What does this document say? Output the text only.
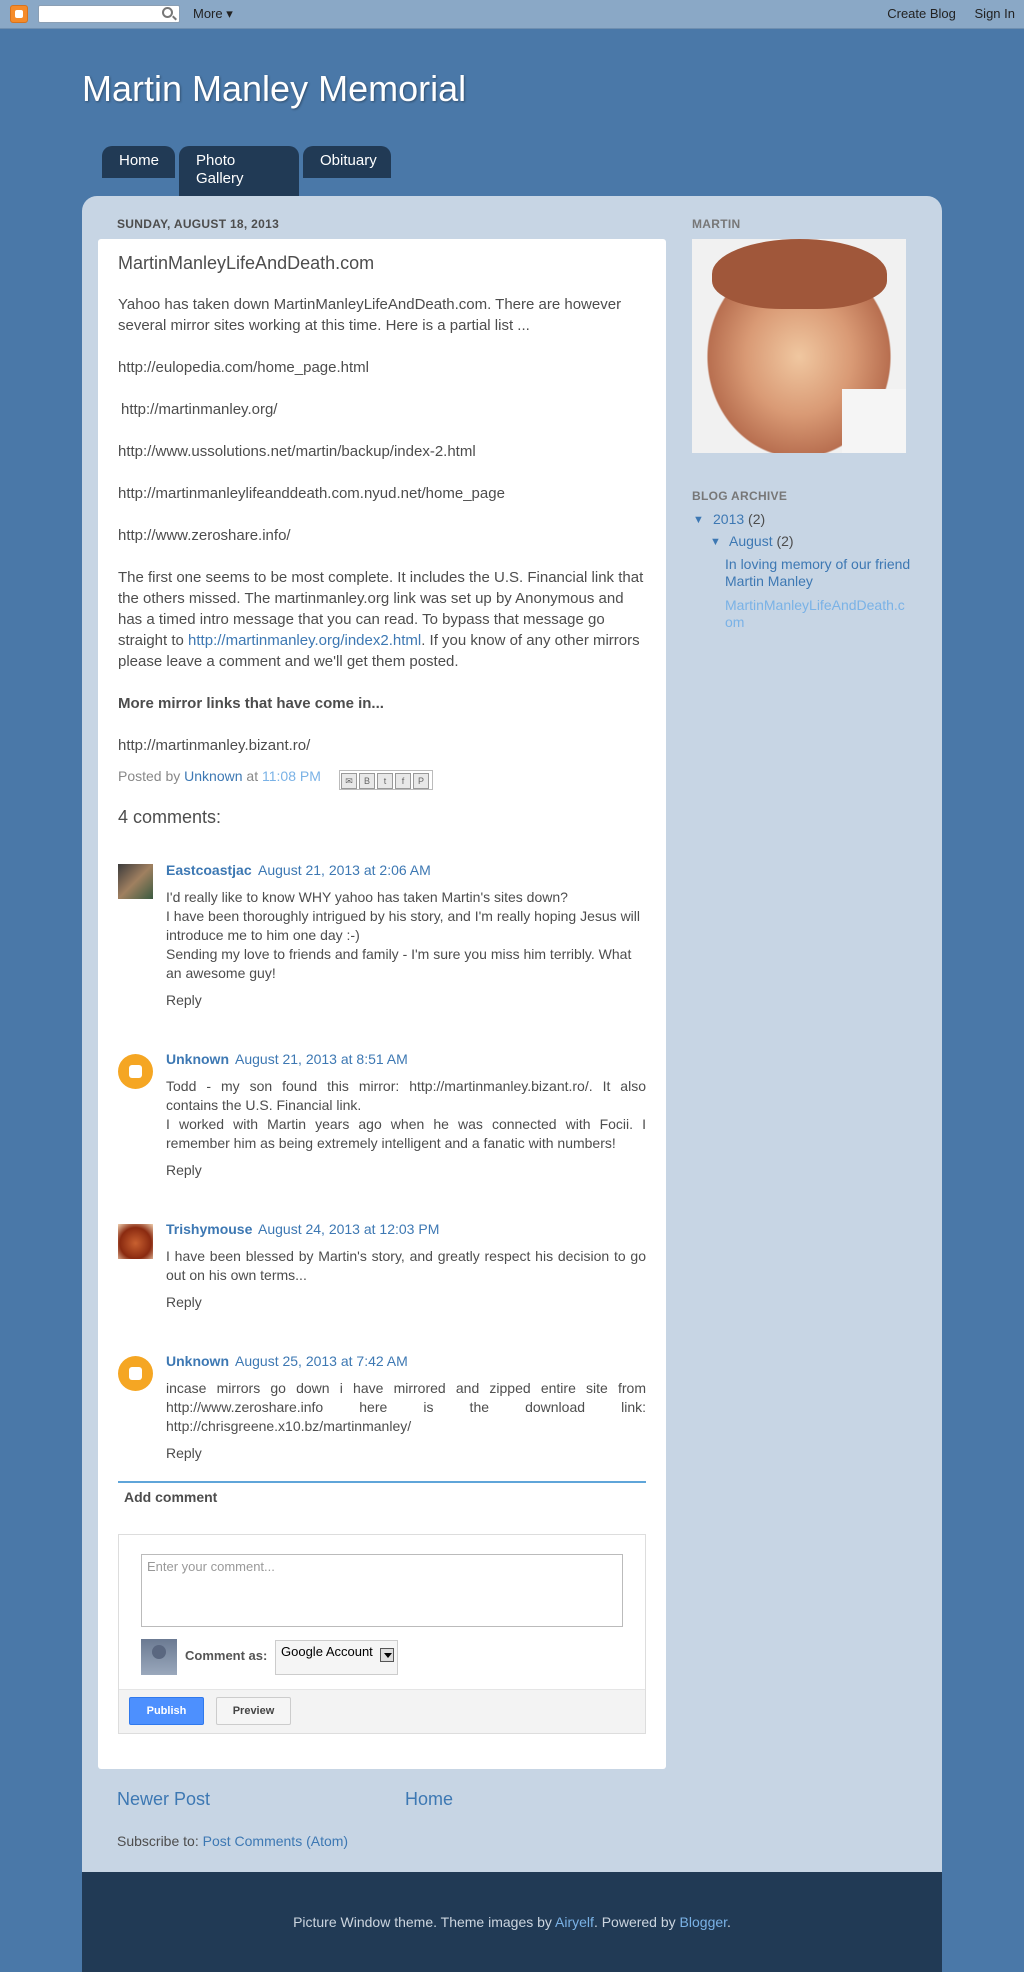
More ▾	Create Blog Sign In
Martin Manley Memorial
Home	Photo Gallery
Obituary
SUNDAY, AUGUST 18, 2013
MartinManleyLifeAndDeath.com
Yahoo has taken down MartinManleyLifeAndDeath.com. There are however several mirror sites working at this time. Here is a partial list ...
http://eulopedia.com/home_page.html
http://martinmanley.org/
http://www.ussolutions.net/martin/backup/index-2.html
http://martinmanleylifeanddeath.com.nyud.net/home_page
http://www.zeroshare.info/
The first one seems to be most complete. It includes the U.S. Financial link that the others missed. The martinmanley.org link was set up by Anonymous and has a timed intro message that you can read. To bypass that message go straight to http://martinmanley.org/index2.html. If you know of any other mirrors please leave a comment and we'll get them posted.
More mirror links that have come in...
http://martinmanley.bizant.ro/
Posted by Unknown at 11:08 PM	✉ B t f P
4 comments:
Eastcoastjac August 21, 2013 at 2:06 AM
I'd really like to know WHY yahoo has taken Martin's sites down?
I have been thoroughly intrigued by his story, and I'm really hoping Jesus will introduce me to him one day :-)
Sending my love to friends and family - I'm sure you miss him terribly. What an awesome guy!
Reply
Unknown August 21, 2013 at 8:51 AM
Todd - my son found this mirror: http://martinmanley.bizant.ro/. It also contains the U.S. Financial link.
I worked with Martin years ago when he was connected with Focii. I remember him as being extremely intelligent and a fanatic with numbers!
Reply
Trishymouse August 24, 2013 at 12:03 PM
I have been blessed by Martin's story, and greatly respect his decision to go out on his own terms...
Reply
Unknown August 25, 2013 at 7:42 AM
incase mirrors go down i have mirrored and zipped entire site from http://www.zeroshare.info here is the download link: http://chrisgreene.x10.bz/martinmanley/
Reply
Add comment
Enter your comment...
Comment as:	Google Account
Publish	Preview
Newer Post	Home
Subscribe to: Post Comments (Atom)
MARTIN
BLOG ARCHIVE
▼ 2013 (2)
▼ August (2)
In loving memory of our friend Martin Manley
MartinManleyLifeAndDeath.com
Picture Window theme. Theme images by Airyelf. Powered by Blogger.
